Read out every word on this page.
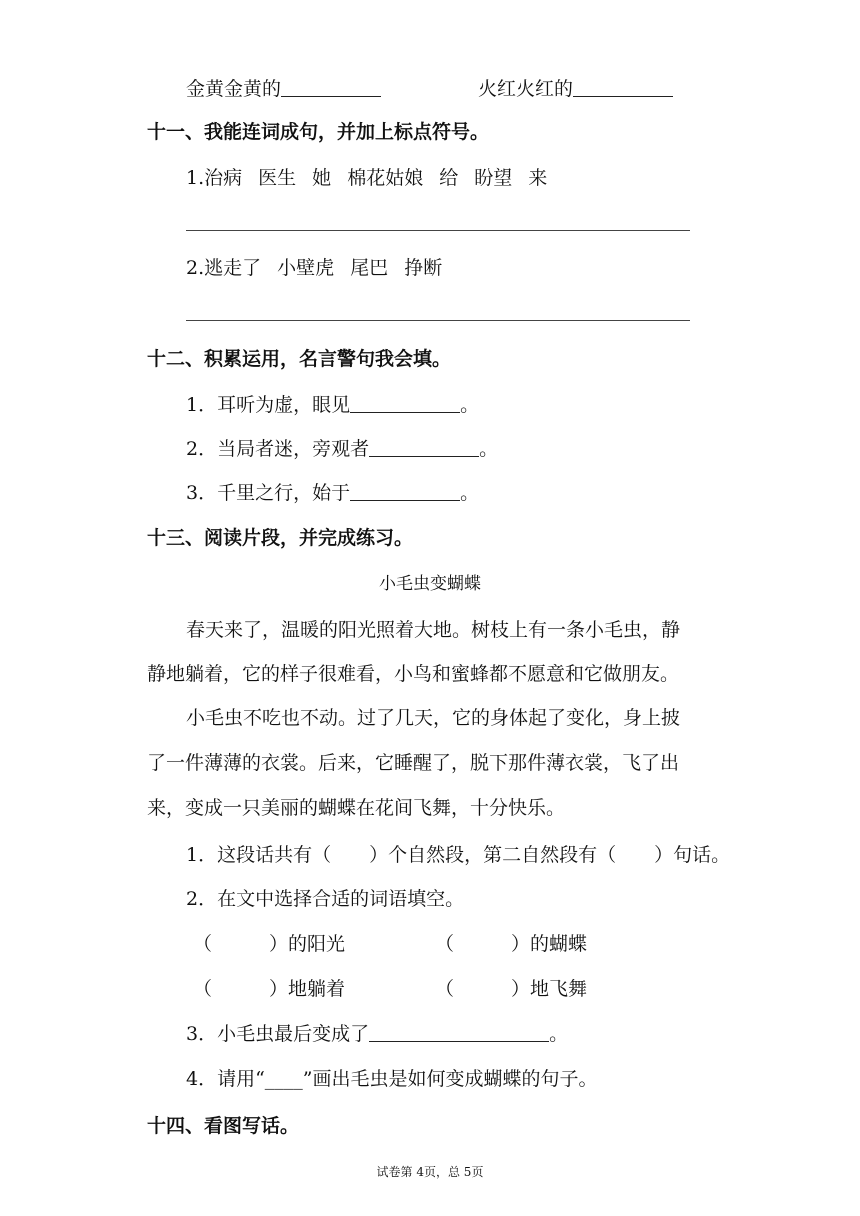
金黄金黄的	火红火红的
十一、我能连词成句，并加上标点符号。
1.治病 医生 她 棉花姑娘 给 盼望 来
2.逃走了 小壁虎 尾巴 挣断
十二、积累运用，名言警句我会填。
1．耳听为虚，眼见	。
2．当局者迷，旁观者	。
3．千里之行，始于	。
十三、阅读片段，并完成练习。
小毛虫变蝴蝶
春天来了，温暖的阳光照着大地。树枝上有一条小毛虫，静
静地躺着，它的样子很难看，小鸟和蜜蜂都不愿意和它做朋友。
小毛虫不吃也不动。过了几天，它的身体起了变化，身上披
了一件薄薄的衣裳。后来，它睡醒了，脱下那件薄衣裳，飞了出
来，变成一只美丽的蝴蝶在花间飞舞，十分快乐。
1．这段话共有（　　）个自然段，第二自然段有（　　）句话。
2．在文中选择合适的词语填空。
（　　　）的阳光	（　　　）的蝴蝶
（　　　）地躺着	（　　　）地飞舞
3．小毛虫最后变成了	。
4．请用“____”画出毛虫是如何变成蝴蝶的句子。
十四、看图写话。
试卷第 4页，总 5页
